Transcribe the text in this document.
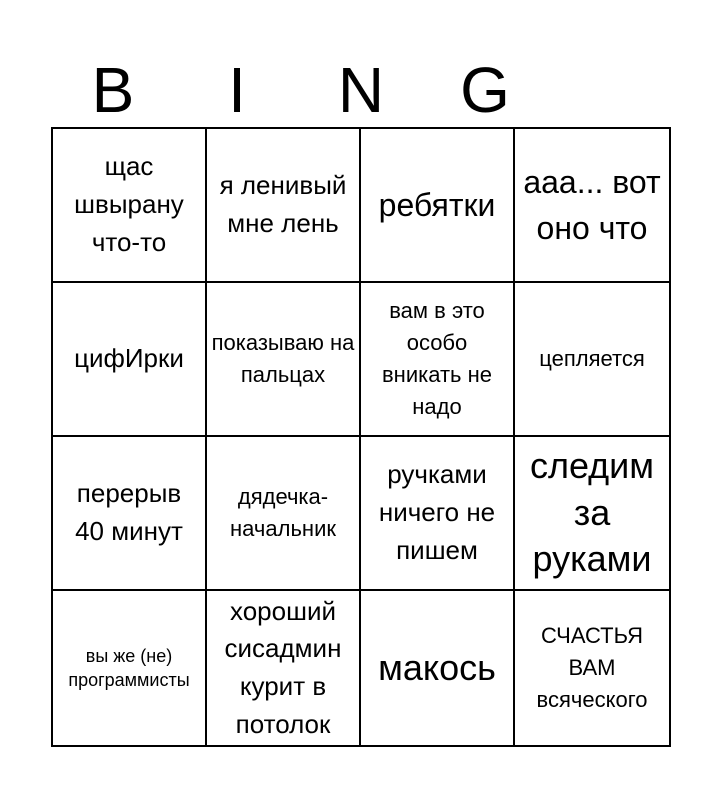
B	I	N	G
щас швырану что-то
я ленивый мне лень
ребятки
ааа... вот оно что
цифИрки
показываю на пальцах
вам в это особо вникать не надо
цепляется
перерыв 40 минут
дядечка-начальник
ручками ничего не пишем
следим за руками
вы же (не) программисты
хороший сисадмин курит в потолок
макось
СЧАСТЬЯ ВАМ всяческого
